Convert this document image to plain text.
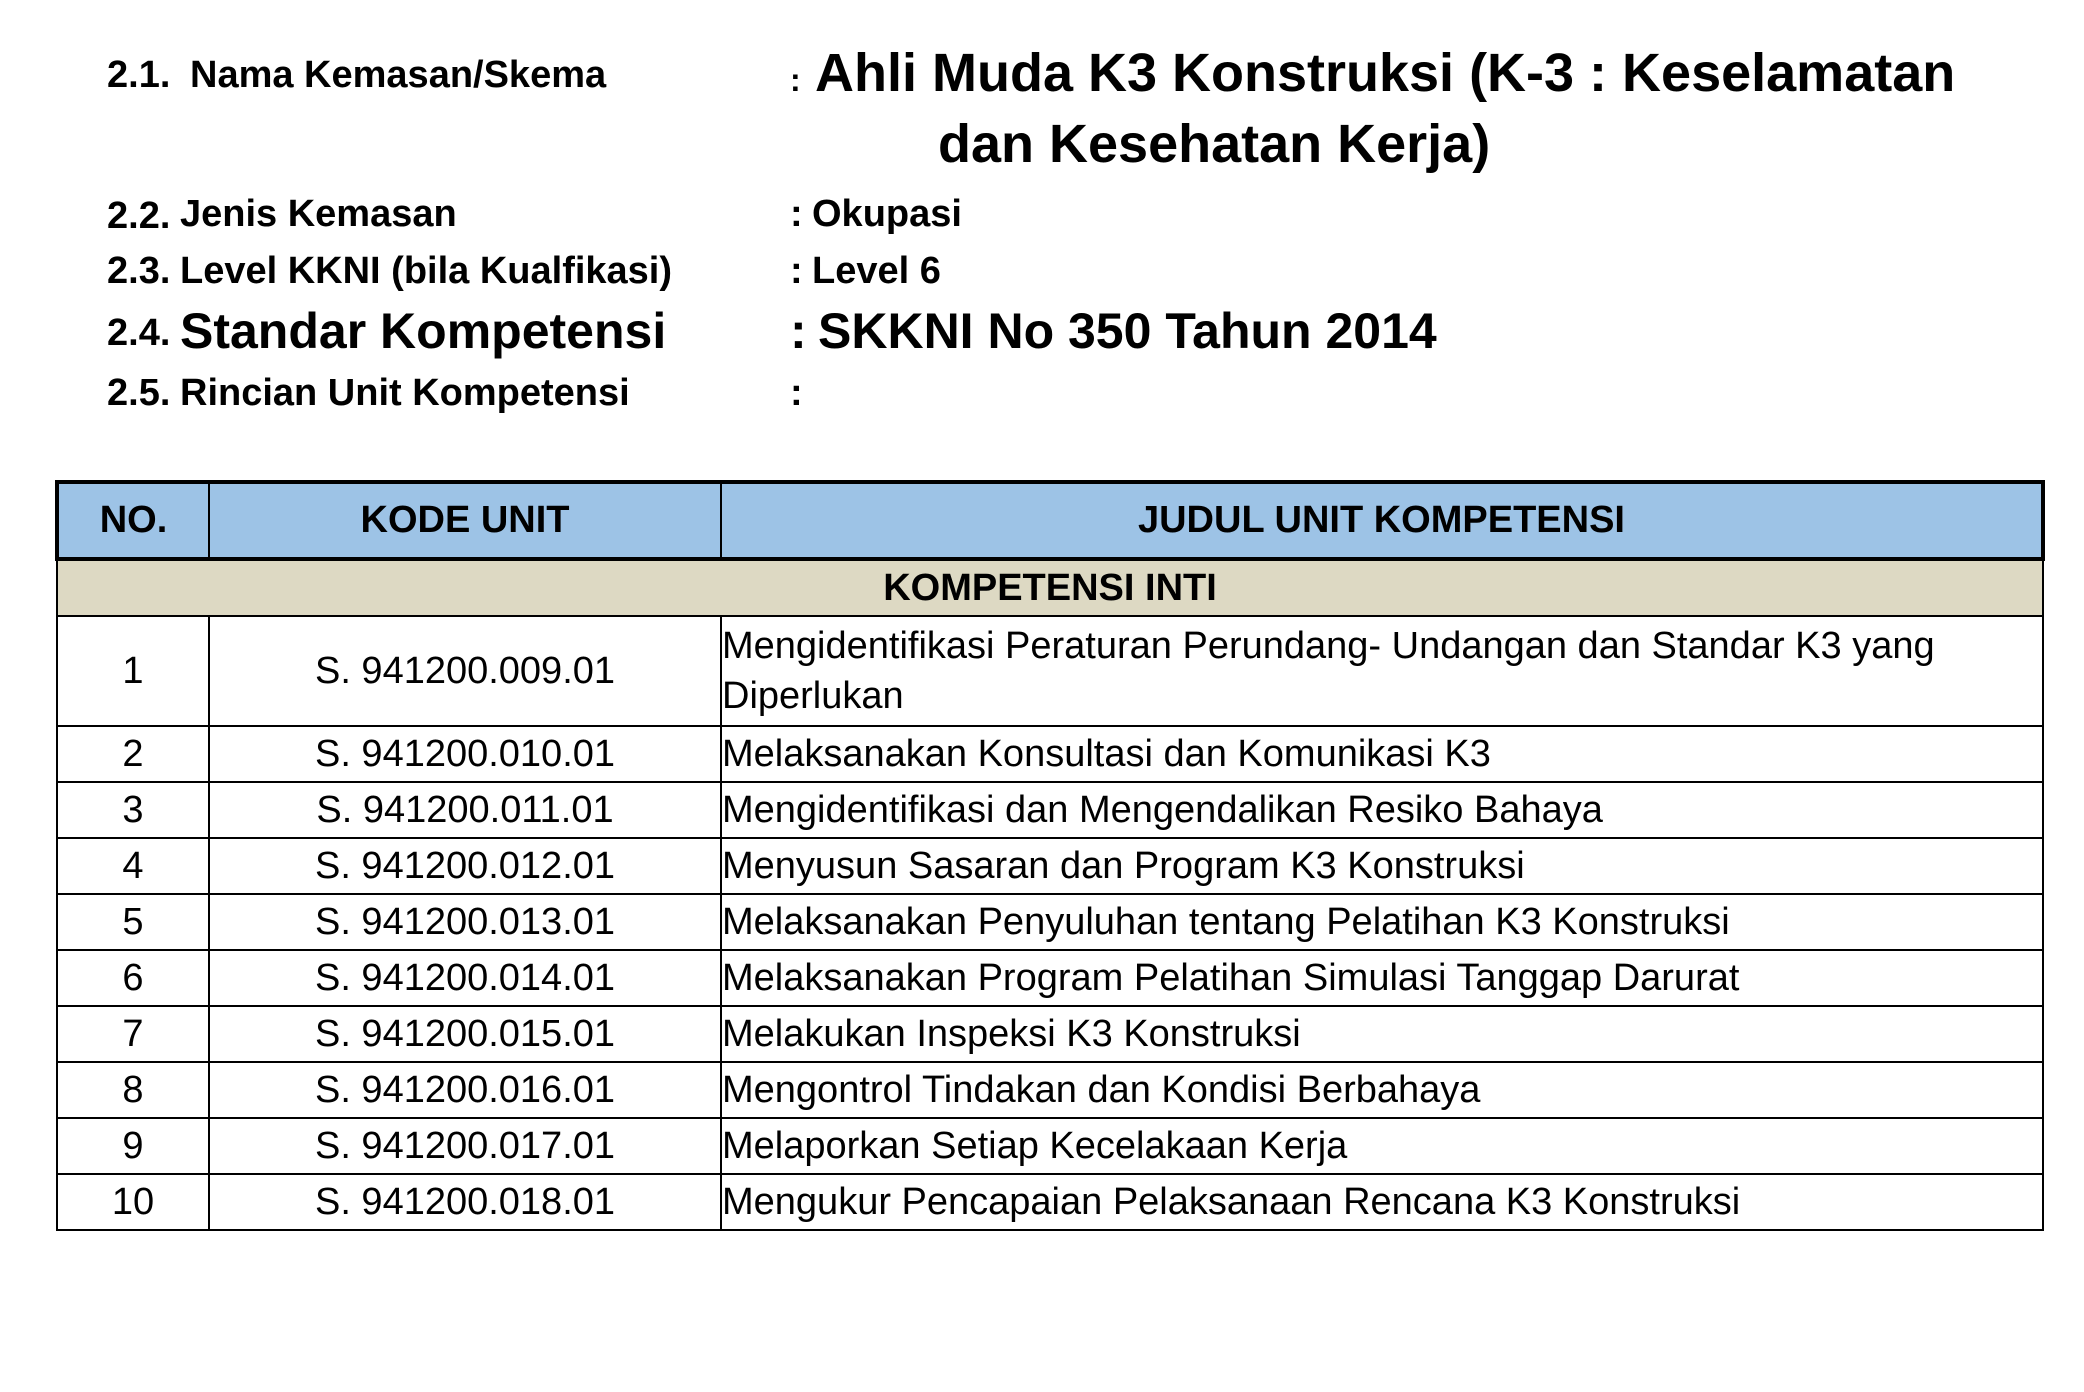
2.1. Nama Kemasan/Skema	: Ahli Muda K3 Konstruksi (K-3 : Keselamatan
dan Kesehatan Kerja)
2.2. Jenis Kemasan	: Okupasi
2.3. Level KKNI (bila Kualfikasi)	: Level 6
2.4. Standar Kompetensi : SKKNI No 350 Tahun 2014
2.5. Rincian Unit Kompetensi	:
NO.	KODE UNIT	JUDUL UNIT KOMPETENSI
KOMPETENSI INTI		
1	S. 941200.009.01	Mengidentifikasi Peraturan Perundang- Undangan dan Standar K3 yang Diperlukan
2	S. 941200.010.01	Melaksanakan Konsultasi dan Komunikasi K3
3	S. 941200.011.01	Mengidentifikasi dan Mengendalikan Resiko Bahaya
4	S. 941200.012.01	Menyusun Sasaran dan Program K3 Konstruksi
5	S. 941200.013.01	Melaksanakan Penyuluhan tentang Pelatihan K3 Konstruksi
6	S. 941200.014.01	Melaksanakan Program Pelatihan Simulasi Tanggap Darurat
7	S. 941200.015.01	Melakukan Inspeksi K3 Konstruksi
8	S. 941200.016.01	Mengontrol Tindakan dan Kondisi Berbahaya
9	S. 941200.017.01	Melaporkan Setiap Kecelakaan Kerja
10	S. 941200.018.01	Mengukur Pencapaian Pelaksanaan Rencana K3 Konstruksi
